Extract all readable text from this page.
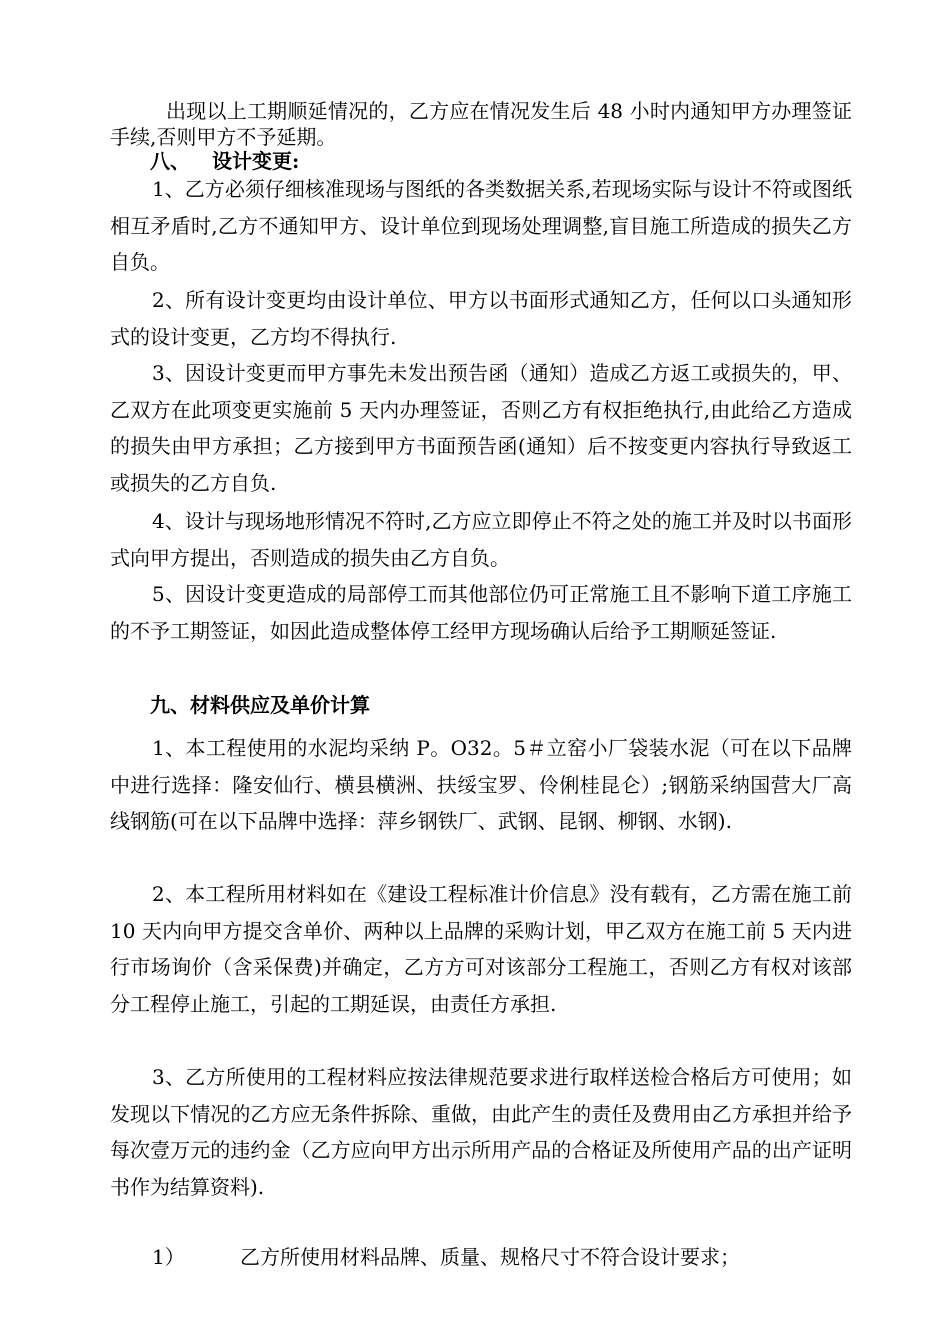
出现以上工期顺延情况的，乙方应在情况发生后 48 小时内通知甲方办理签证手续,否则甲方不予延期。

八、 设计变更:

1、乙方必须仔细核准现场与图纸的各类数据关系,若现场实际与设计不符或图纸相互矛盾时,乙方不通知甲方、设计单位到现场处理调整,盲目施工所造成的损失乙方自负。

2、所有设计变更均由设计单位、甲方以书面形式通知乙方，任何以口头通知形式的设计变更，乙方均不得执行.

3、因设计变更而甲方事先未发出预告函（通知）造成乙方返工或损失的，甲、乙双方在此项变更实施前 5 天内办理签证，否则乙方有权拒绝执行,由此给乙方造成的损失由甲方承担；乙方接到甲方书面预告函(通知）后不按变更内容执行导致返工或损失的乙方自负.

4、设计与现场地形情况不符时,乙方应立即停止不符之处的施工并及时以书面形式向甲方提出，否则造成的损失由乙方自负。

5、因设计变更造成的局部停工而其他部位仍可正常施工且不影响下道工序施工的不予工期签证，如因此造成整体停工经甲方现场确认后给予工期顺延签证.

九、材料供应及单价计算

1、本工程使用的水泥均采纳 P。O32。5＃立窑小厂袋装水泥（可在以下品牌中进行选择：隆安仙行、横县横洲、扶绥宝罗、伶俐桂昆仑）;钢筋采纳国营大厂高线钢筋(可在以下品牌中选择：萍乡钢铁厂、武钢、昆钢、柳钢、水钢).

2、本工程所用材料如在《建设工程标准计价信息》没有载有，乙方需在施工前 10 天内向甲方提交含单价、两种以上品牌的采购计划，甲乙双方在施工前 5 天内进行市场询价（含采保费)并确定，乙方方可对该部分工程施工，否则乙方有权对该部分工程停止施工，引起的工期延误，由责任方承担.

3、乙方所使用的工程材料应按法律规范要求进行取样送检合格后方可使用；如发现以下情况的乙方应无条件拆除、重做，由此产生的责任及费用由乙方承担并给予每次壹万元的违约金（乙方应向甲方出示所用产品的合格证及所使用产品的出产证明书作为结算资料).

1）	乙方所使用材料品牌、质量、规格尺寸不符合设计要求；
